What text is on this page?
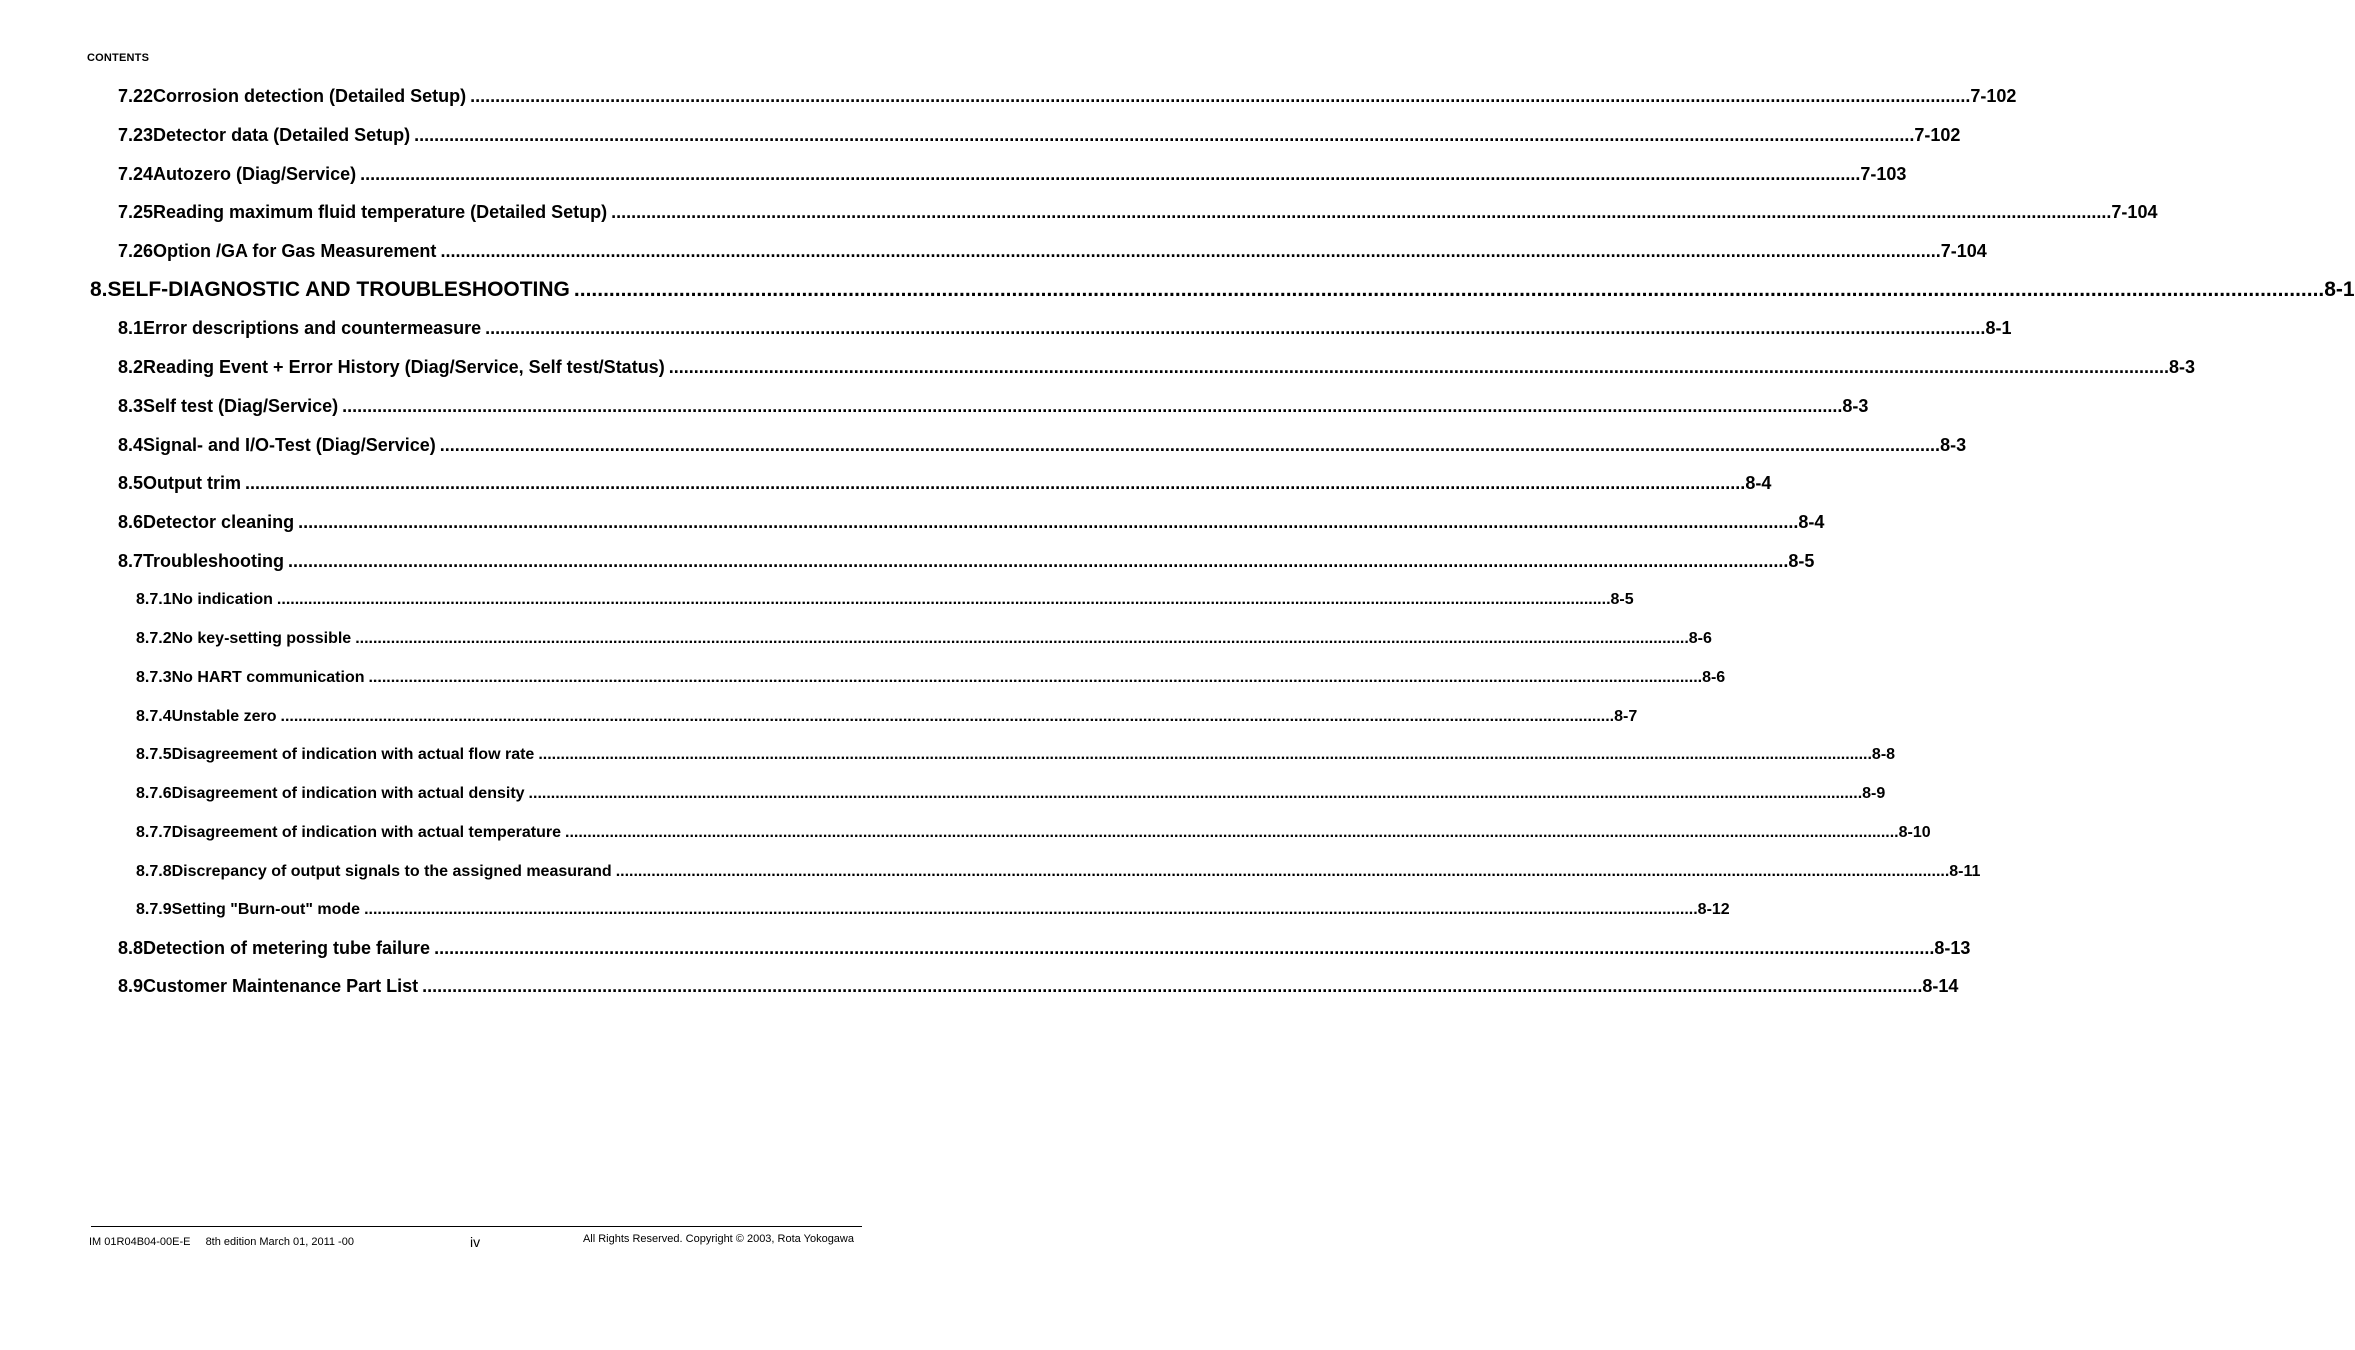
CONTENTS
7.22 Corrosion detection (Detailed Setup) ............................................................................................................................................................................................................................................................................................................ 7-102
7.23 Detector data (Detailed Setup) ............................................................................................................................................................................................................................................................................................................ 7-102
7.24 Autozero (Diag/Service) ............................................................................................................................................................................................................................................................................................................ 7-103
7.25 Reading maximum fluid temperature (Detailed Setup) ............................................................................................................................................................................................................................................................................................................ 7-104
7.26 Option /GA for Gas Measurement ............................................................................................................................................................................................................................................................................................................ 7-104
8. SELF-DIAGNOSTIC AND TROUBLESHOOTING ............................................................................................................................................................................................................................................................................................................ 8-1
8.1 Error descriptions and countermeasure ............................................................................................................................................................................................................................................................................................................ 8-1
8.2 Reading Event + Error History (Diag/Service, Self test/Status) ............................................................................................................................................................................................................................................................................................................ 8-3
8.3 Self test (Diag/Service) ............................................................................................................................................................................................................................................................................................................ 8-3
8.4 Signal- and I/O-Test (Diag/Service) ............................................................................................................................................................................................................................................................................................................ 8-3
8.5 Output trim ............................................................................................................................................................................................................................................................................................................ 8-4
8.6 Detector cleaning ............................................................................................................................................................................................................................................................................................................ 8-4
8.7 Troubleshooting ............................................................................................................................................................................................................................................................................................................ 8-5
8.7.1 No indication ............................................................................................................................................................................................................................................................................................................ 8-5
8.7.2 No key-setting possible ............................................................................................................................................................................................................................................................................................................ 8-6
8.7.3 No HART communication ............................................................................................................................................................................................................................................................................................................ 8-6
8.7.4 Unstable zero ............................................................................................................................................................................................................................................................................................................ 8-7
8.7.5 Disagreement of indication with actual flow rate ............................................................................................................................................................................................................................................................................................................ 8-8
8.7.6 Disagreement of indication with actual density ............................................................................................................................................................................................................................................................................................................ 8-9
8.7.7 Disagreement of indication with actual temperature ............................................................................................................................................................................................................................................................................................................ 8-10
8.7.8 Discrepancy of output signals to the assigned measurand ............................................................................................................................................................................................................................................................................................................ 8-11
8.7.9 Setting "Burn-out" mode ............................................................................................................................................................................................................................................................................................................ 8-12
8.8 Detection of metering tube failure ............................................................................................................................................................................................................................................................................................................ 8-13
8.9 Customer Maintenance Part List ............................................................................................................................................................................................................................................................................................................ 8-14
IM 01R04B04-00E-E 8th edition March 01, 2011 -00	iv	All Rights Reserved. Copyright © 2003, Rota Yokogawa
